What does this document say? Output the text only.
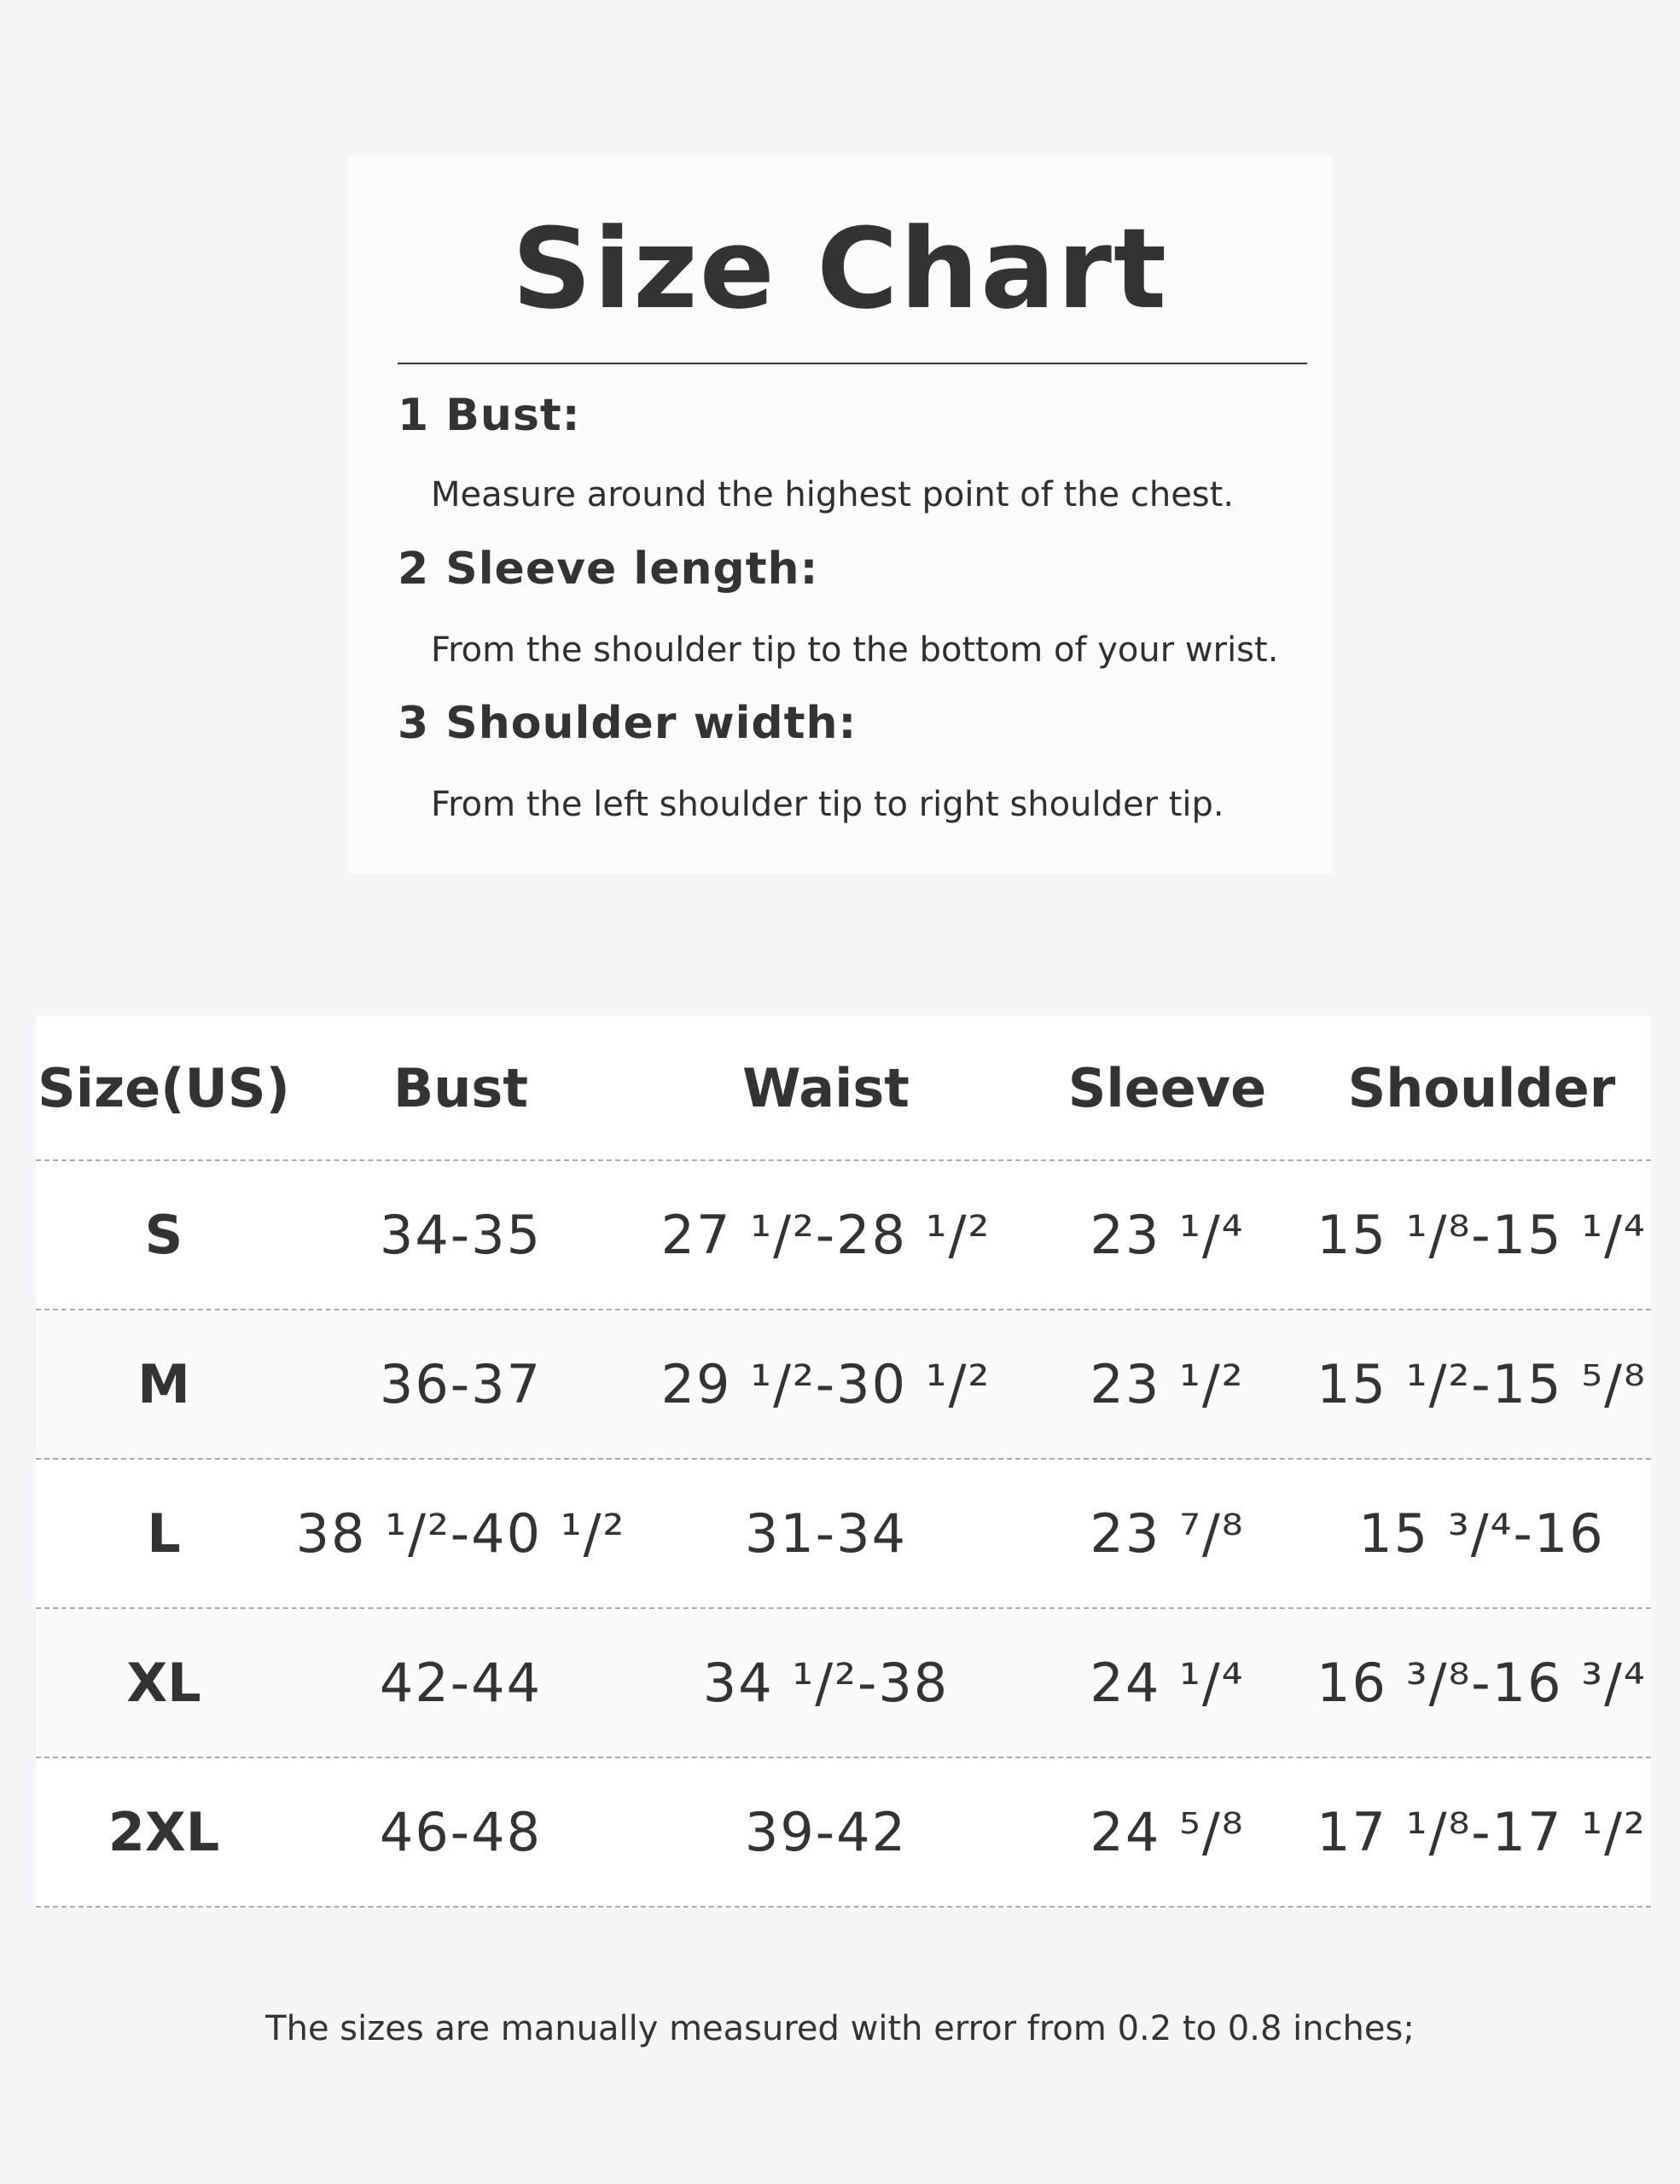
Size Chart
1 Bust:
Measure around the highest point of the chest.
2 Sleeve length:
From the shoulder tip to the bottom of your wrist.
3 Shoulder width:
From the left shoulder tip to right shoulder tip.
Size(US)	Bust	Waist	Sleeve	Shoulder
S	34-35	27 ¹/²-28 ¹/²	23 ¹/⁴	15 ¹/⁸-15 ¹/⁴
M	36-37	29 ¹/²-30 ¹/²	23 ¹/²	15 ¹/²-15 ⁵/⁸
L	38 ¹/²-40 ¹/²	31-34	23 ⁷/⁸	15 ³/⁴-16
XL	42-44	34 ¹/²-38	24 ¹/⁴	16 ³/⁸-16 ³/⁴
2XL	46-48	39-42	24 ⁵/⁸	17 ¹/⁸-17 ¹/²
The sizes are manually measured with error from 0.2 to 0.8 inches;
